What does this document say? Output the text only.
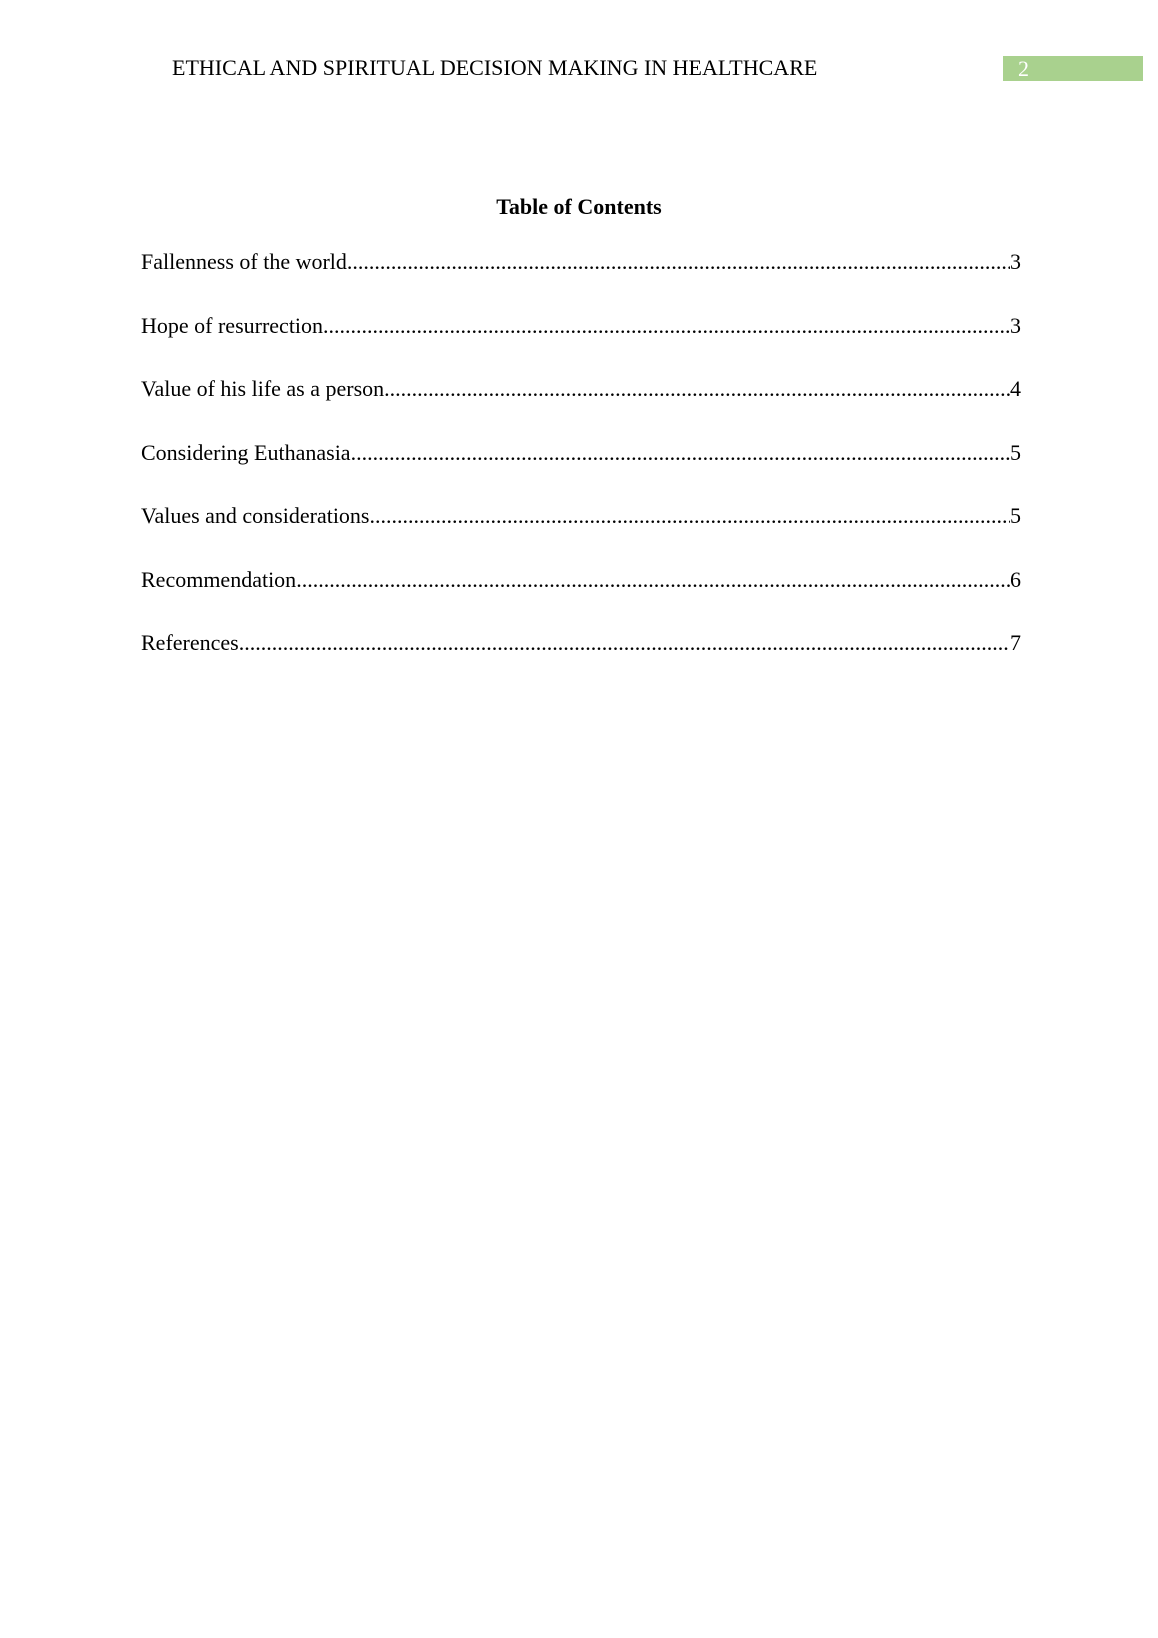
ETHICAL AND SPIRITUAL DECISION MAKING IN HEALTHCARE	2
Table of Contents
Fallenness of the world .....	3
Hope of resurrection .....	3
Value of his life as a person .....	4
Considering Euthanasia .....	5
Values and considerations .....	5
Recommendation .....	6
References .....	7
